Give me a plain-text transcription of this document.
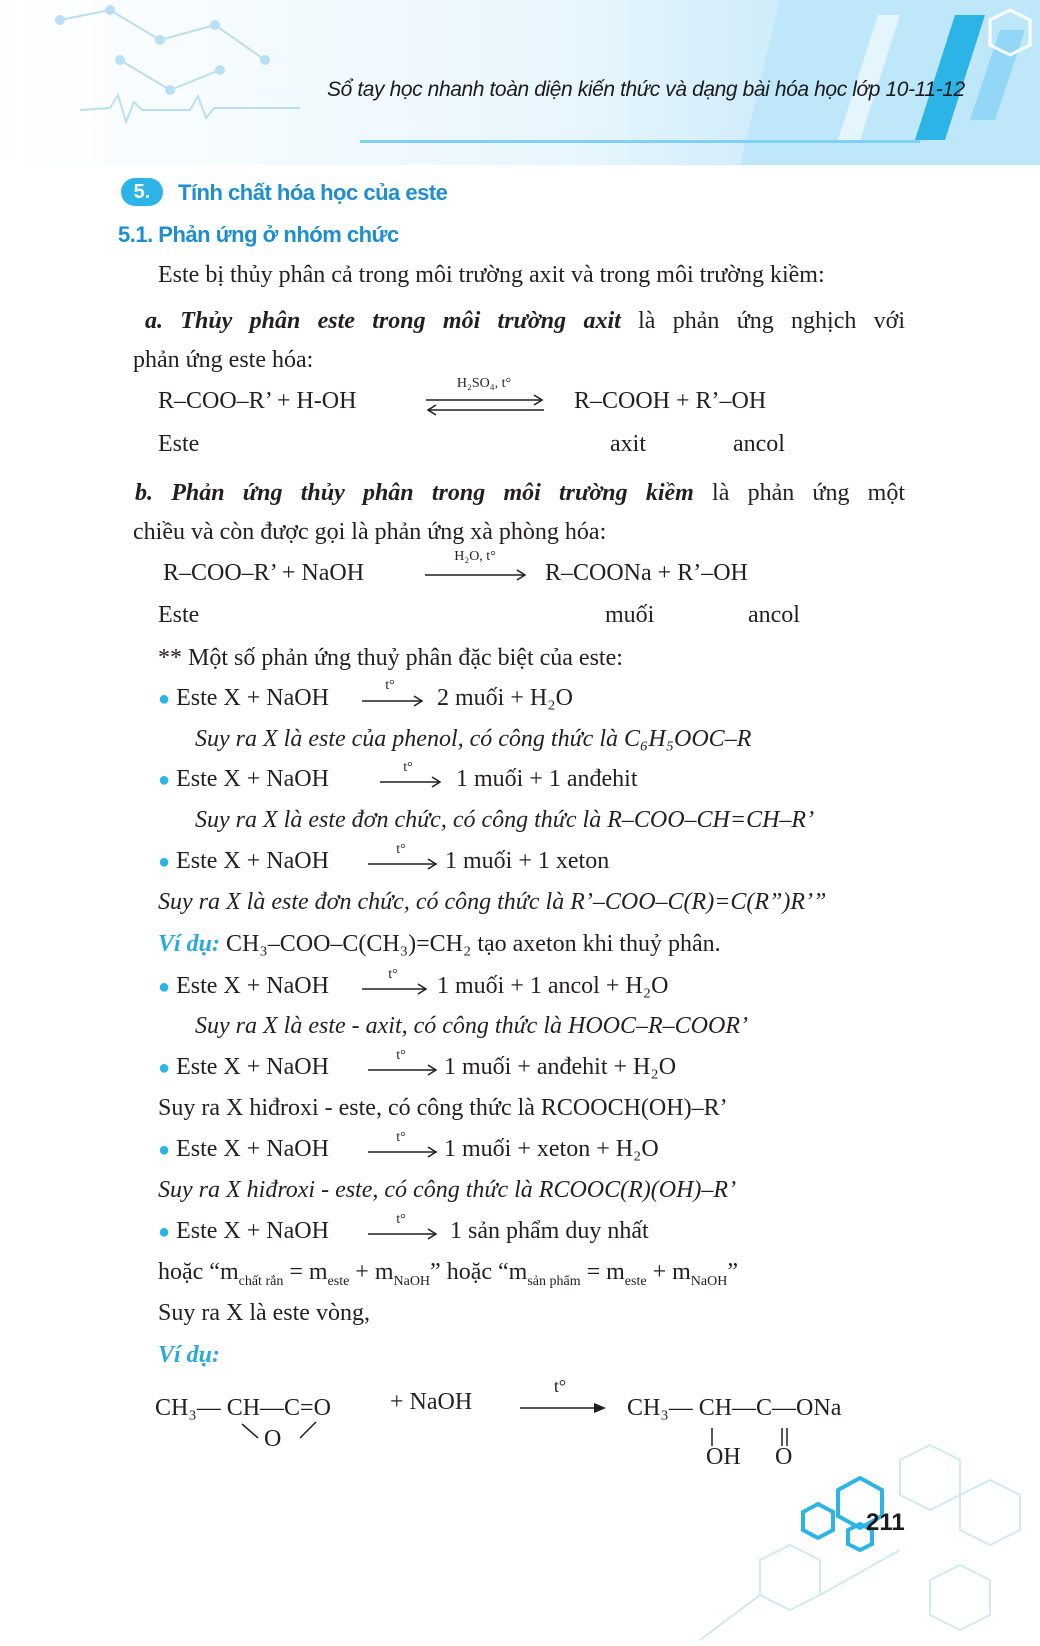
Sổ tay học nhanh toàn diện kiến thức và dạng bài hóa học lớp 10-11-12
5.	Tính chất hóa học của este
5.1. Phản ứng ở nhóm chức
Este bị thủy phân cả trong môi trường axit và trong môi trường kiềm:
a. Thủy phân este trong môi trường axit là phản ứng nghịch với
phản ứng este hóa:
R–COO–R’ + H-OH
H₂SO₄, t°
R–COOH + R’–OH
Este	axit	ancol
b. Phản ứng thủy phân trong môi trường kiềm là phản ứng một
chiều và còn được gọi là phản ứng xà phòng hóa:
R–COO–R’ + NaOH
H₂O, t°
R–COONa + R’–OH
Este	muối	ancol
** Một số phản ứng thuỷ phân đặc biệt của este:
● Este X + NaOH	t°	2 muối + H₂O
Suy ra X là este của phenol, có công thức là C₆H₅OOC–R
● Este X + NaOH	t°	1 muối + 1 anđehit
Suy ra X là este đơn chức, có công thức là R–COO–CH=CH–R’
● Este X + NaOH	t°	1 muối + 1 xeton
Suy ra X là este đơn chức, có công thức là R’–COO–C(R)=C(R”)R’”
Ví dụ: CH₃–COO–C(CH₃)=CH₂ tạo axeton khi thuỷ phân.
● Este X + NaOH	t°	1 muối + 1 ancol + H₂O
Suy ra X là este - axit, có công thức là HOOC–R–COOR’
● Este X + NaOH	t°	1 muối + anđehit + H₂O
Suy ra X hiđroxi - este, có công thức là RCOOCH(OH)–R’
● Este X + NaOH	t°	1 muối + xeton + H₂O
Suy ra X hiđroxi - este, có công thức là RCOOC(R)(OH)–R’
● Este X + NaOH	t°	1 sản phẩm duy nhất
hoặc “$m_{chất rắn} = m_{este} + m_{NaOH}$” hoặc “$m_{sản phẩm} = m_{este} + m_{NaOH}$”
Suy ra X là este vòng,
Ví dụ:
CH₃— CH—C=O
O
+ NaOH
t°
CH₃— CH—C—ONa
OH O
211
